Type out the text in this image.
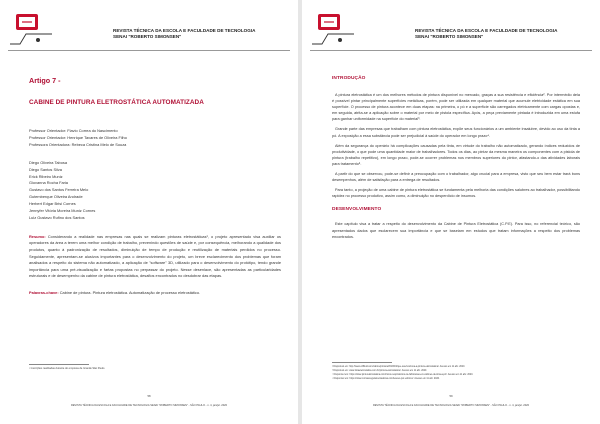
REVISTA TÉCNICA DA ESCOLA E FACULDADE DE TECNOLOGIA
SENAI "ROBERTO SIMONSEN"
Artigo 7 -
CABINE DE PINTURA ELETROSTÁTICA AUTOMATIZADA
Professor Orientador: Flavio Correa do Nascimento
Professor Orientador: Henrique Tavares de Oliveira Filho
Professora Orientadora: Rebeca Cristina Melo de Souza
Diego Oliveira Tabosa
Diego Santos Silva
Erick Ribeiro Muniz
Giovanna Rocha Faria
Gustavo dos Santos Ferreira Melo
Gutemberque Oliveira Andrade
Herbert Edgar Brisi Cornes
Jennyfer Vitória Moreira Muniz Cornes
Luiz Gustavo Rufino dos Santos

Resumo: Considerando a realidade nas empresas nas quais se realizam pinturas eletrostáticas¹, o projeto apresentado visa auxiliar os operadores da área a terem uma melhor condição de trabalho, prevenindo questões de saúde e, por consequência, melhorando a qualidade dos produtos, quanto à padronização de resultados, diminuição de tempo de produção e reutilização de materiais perdidos no processo. Seguidamente, apresentam-se alusivos importantes para o desenvolvimento do projeto, um breve esclarecimento dos problemas que foram analisados a respeito do sistema não automatizado, a aplicação de "software" 3D, utilizado para o desenvolvimento do protótipo, tendo grande importância para uma pré-visualização e fartas propostas no perpassar do projeto. Nesse desenlace, são apresentadas as particularidades estruturais e de desempenho da cabine de pintura eletrostática, desafios encontrados no desdobrar das etapas.

Palavras-chave: Cabine de pintura. Pintura eletrostática. Automatização de processo eletrostático.

¹ Inscrições realizadas durante do empresa de Grande São Paulo
58
REVISTA TÉCNICA DA ESCOLA E FACULDADE DE TECNOLOGIA SENAI "ROBERTO SIMONSEN" - SÃO PAULO - n. 4, jan/jul. 2020
REVISTA TÉCNICA DA ESCOLA E FACULDADE DE TECNOLOGIA
SENAI "ROBERTO SIMONSEN"
INTRODUÇÃO

A pintura eletrostática é um dos melhores métodos de pintura disponível no mercado, graças a sua resistência e eficiência². Por intermédio dela é possível pintar principalmente superfícies metálicas, porém, pode ser utilizada em qualquer material que acumule eletricidade estática em sua superfície. O processo de pintura acontece em duas etapas: na primeira, o pó e a superfície são carregados eletricamente com cargas opostas e, em seguida, atrita-se a aplicação sobre o material por meio de pistola específica. Após, a peça previamente pintada é introduzida em uma estufa para ganhar uniformidade na superfície do material³.

Grande parte das empresas que trabalham com pintura eletrostática, expõe seus funcionários a um ambiente insalubre, devido ao uso da tinta a pó. A exposição a essa substância pode ser prejudicial à saúde do operador em longo prazo⁴.

Além da segurança do operário há complicações causadas pela tinta, em virtude do trabalho não automatizado, gerando índices reduzidos de produtividade, o que pode uma quantidade maior de trabalhadores. Todos os dias, ao pintar da mesma maneira os componentes com a pistola de pintura (trabalho repetitivo), em longo prazo, pode-se ocorrer problemas nos membros superiores do pintor, afastando-o das atividades laborais para tratamento⁵.

A partir do que se observou, pode-se definir a preocupação com o trabalhador, algo crucial para a empresa, visto que seu bem estar trará bons desempenhos, além de satisfação para a entrega de resultados.

Para tanto, a projeção de uma cabine de pintura eletrostática se fundamenta pela melhoria das condições salubres ao trabalhador, possibilitando rapidez no processo produtivo, assim como, a diminuição no desperdício de insumos.

DESENVOLVIMENTO

Este capítulo visa a tratar a respeito do desenvolvimento da Cabine de Pintura Eletrostática (C.P.E). Para isso, no referencial teórico, são apresentados dados que esclarecem sua importância e que se baseiam em estudos que tratam informações a respeito dos problemas encontrados.

² Disponível em: http://www.cdlfluid.com/cabine/pintura/2019/03/que-sua-funciona-a-pintura-eletrostatica/. Acesso em 11 abr. 2020.
³ Disponível em: www.tintaeletrostatica.com.br/pintura-eletrostatica/. Acesso em 11 abr. 2020.
⁴ Disponível em: https://www.pintureletrostatica.com/riscos-respiratorios-na-fabricacao-em-cabines-de-tinta-a-pó/. Acesso em 11 abr. 2020.
⁵ Disponível em: https://www.normasregulamentadoras.com/lesoes-por-esforco/. Acesso em 11 abr. 2020.
59
REVISTA TÉCNICA DA ESCOLA E FACULDADE DE TECNOLOGIA SENAI "ROBERTO SIMONSEN" - SÃO PAULO - n. 4, jan/jul. 2020
